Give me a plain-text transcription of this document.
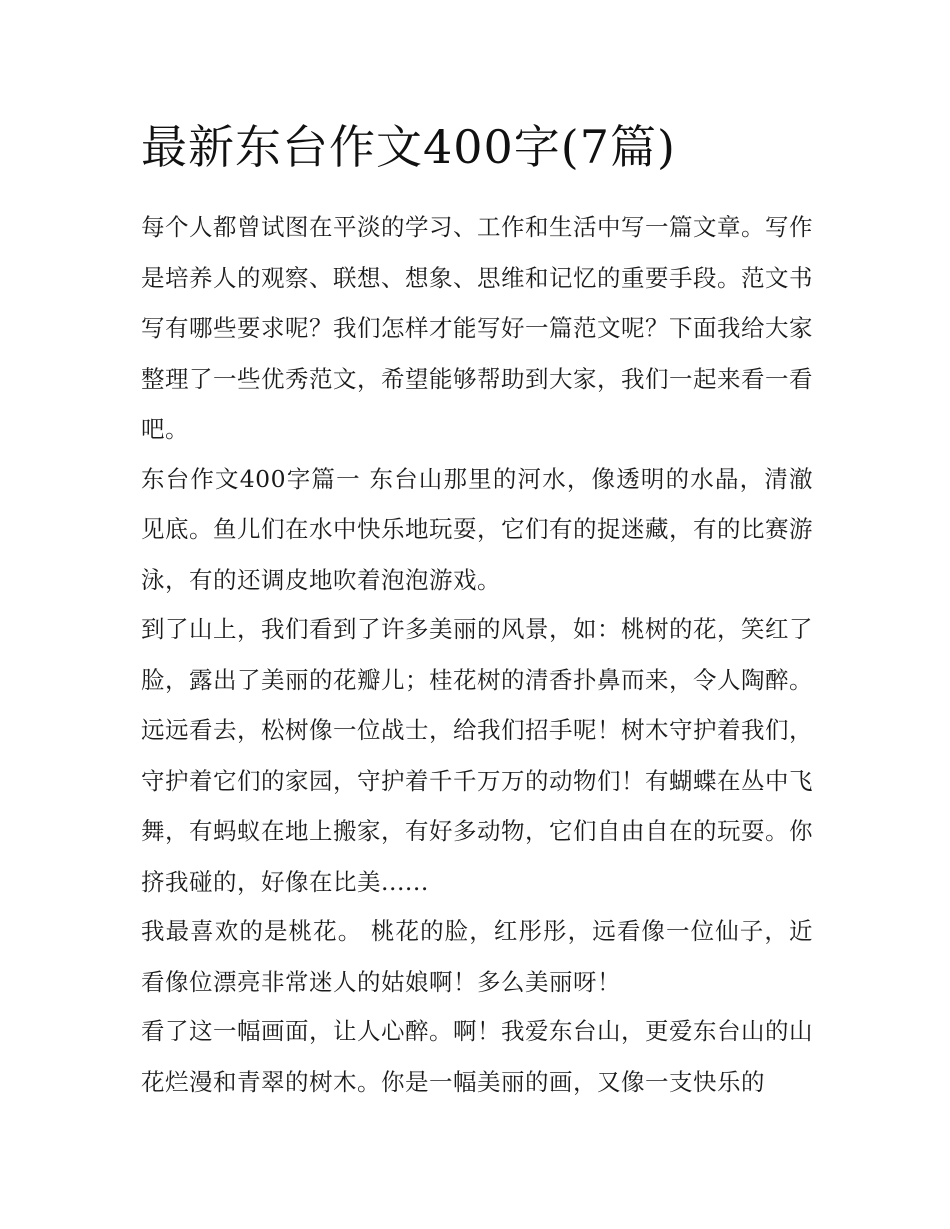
最新东台作文400字(7篇)

每个人都曾试图在平淡的学习、工作和生活中写一篇文章。写作是培养人的观察、联想、想象、思维和记忆的重要手段。范文书写有哪些要求呢？我们怎样才能写好一篇范文呢？下面我给大家整理了一些优秀范文，希望能够帮助到大家，我们一起来看一看吧。

东台作文400字篇一 东台山那里的河水，像透明的水晶，清澈见底。鱼儿们在水中快乐地玩耍，它们有的捉迷藏，有的比赛游泳，有的还调皮地吹着泡泡游戏。

到了山上，我们看到了许多美丽的风景，如：桃树的花，笑红了脸，露出了美丽的花瓣儿；桂花树的清香扑鼻而来，令人陶醉。远远看去，松树像一位战士，给我们招手呢！树木守护着我们，守护着它们的家园，守护着千千万万的动物们！有蝴蝶在丛中飞舞，有蚂蚁在地上搬家，有好多动物，它们自由自在的玩耍。你挤我碰的，好像在比美......

我最喜欢的是桃花。 桃花的脸，红彤彤，远看像一位仙子，近看像位漂亮非常迷人的姑娘啊！多么美丽呀！

看了这一幅画面，让人心醉。啊！我爱东台山，更爱东台山的山花烂漫和青翠的树木。你是一幅美丽的画，又像一支快乐的
